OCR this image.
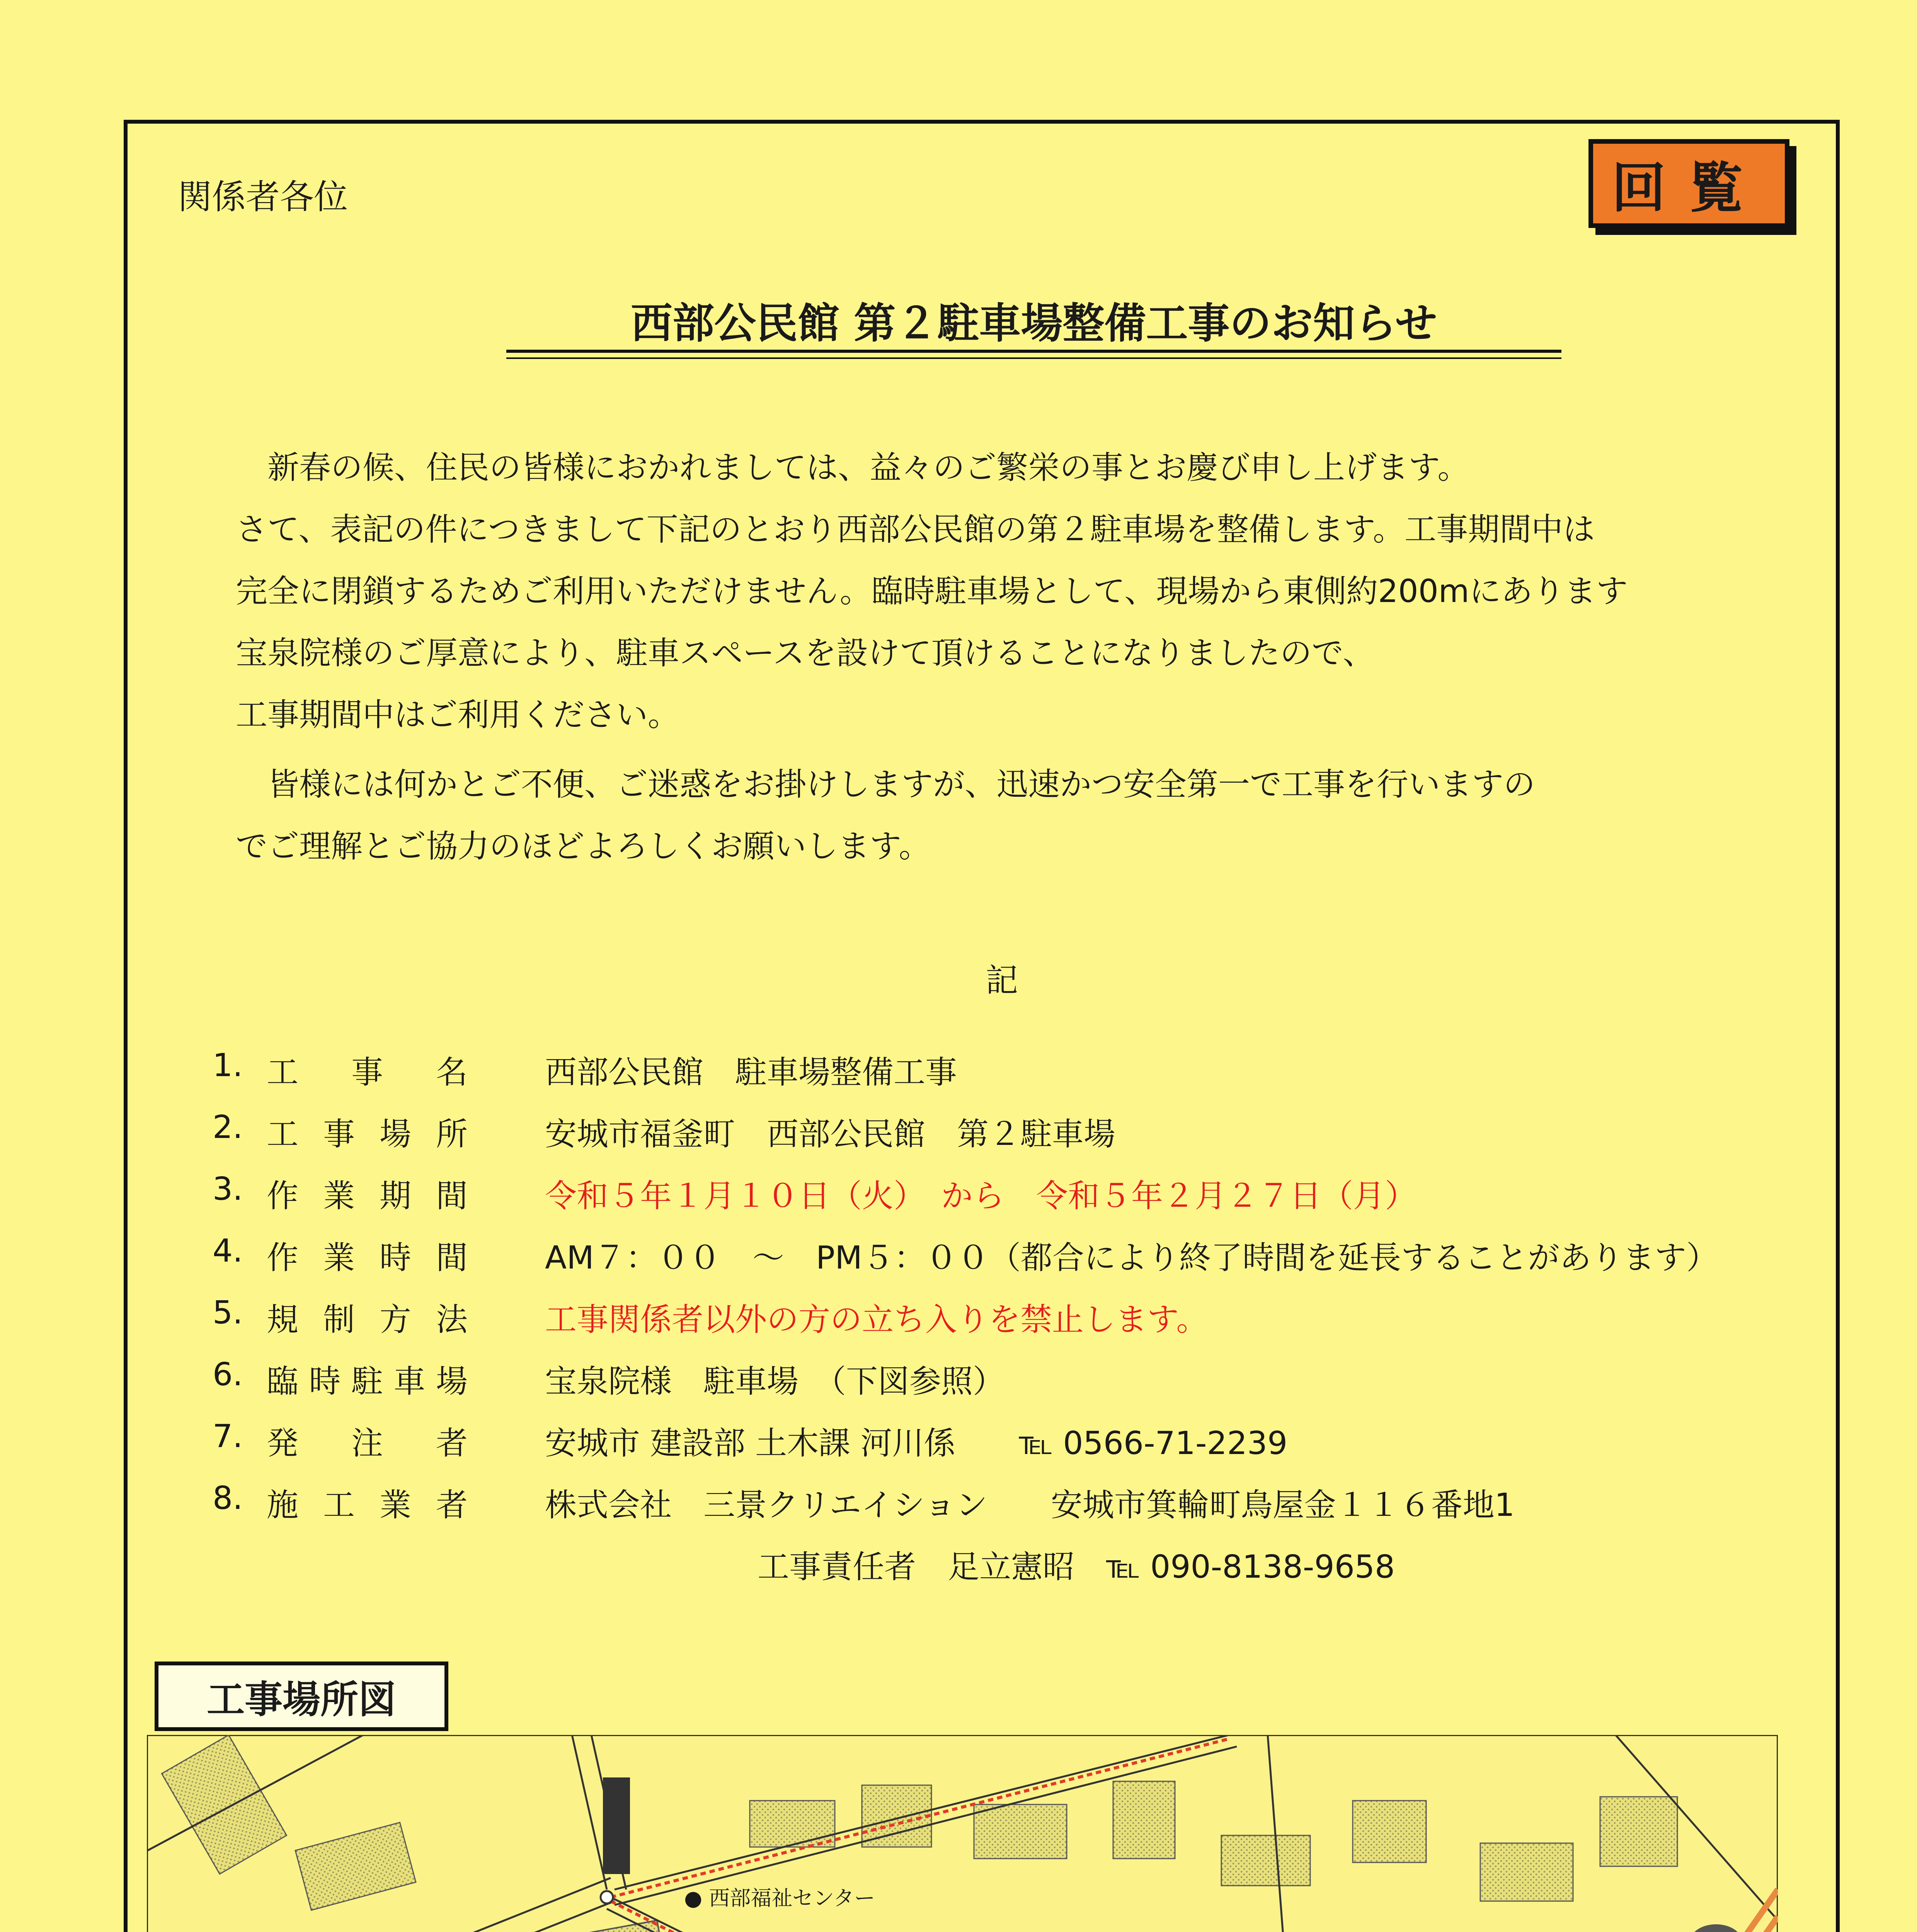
関係者各位	回覧
西部公民館 第２駐車場整備工事のお知らせ
　新春の候、住民の皆様におかれましては、益々のご繁栄の事とお慶び申し上げます。
さて、表記の件につきまして下記のとおり西部公民館の第２駐車場を整備します。工事期間中は
完全に閉鎖するためご利用いただけません。臨時駐車場として、現場から東側約200mにあります
宝泉院様のご厚意により、駐車スペースを設けて頂けることになりましたので、
工事期間中はご利用ください。
　皆様には何かとご不便、ご迷惑をお掛けしますが、迅速かつ安全第一で工事を行いますの
でご理解とご協力のほどよろしくお願いします。
記
1. 工 事 名 西部公民館　駐車場整備工事
2. 工 事 場 所 安城市福釜町　西部公民館　第２駐車場
3. 作 業 期 間 令和５年１月１０日（火）　から　令和５年２月２７日（月）
4. 作 業 時 間 AM７：００　～　PM５：００（都合により終了時間を延長することがあります）
5. 規 制 方 法 工事関係者以外の方の立ち入りを禁止します。
6. 臨 時 駐 車 場 宝泉院様　駐車場　（下図参照）
7. 発 注 者 安城市 建設部 土木課 河川係　　℡ 0566-71-2239
8. 施 工 業 者 株式会社　三景クリエイション　　安城市箕輪町鳥屋金１１６番地1
工事責任者　足立憲昭　℡ 090-8138-9658
工事場所図
● 西部福祉センター
